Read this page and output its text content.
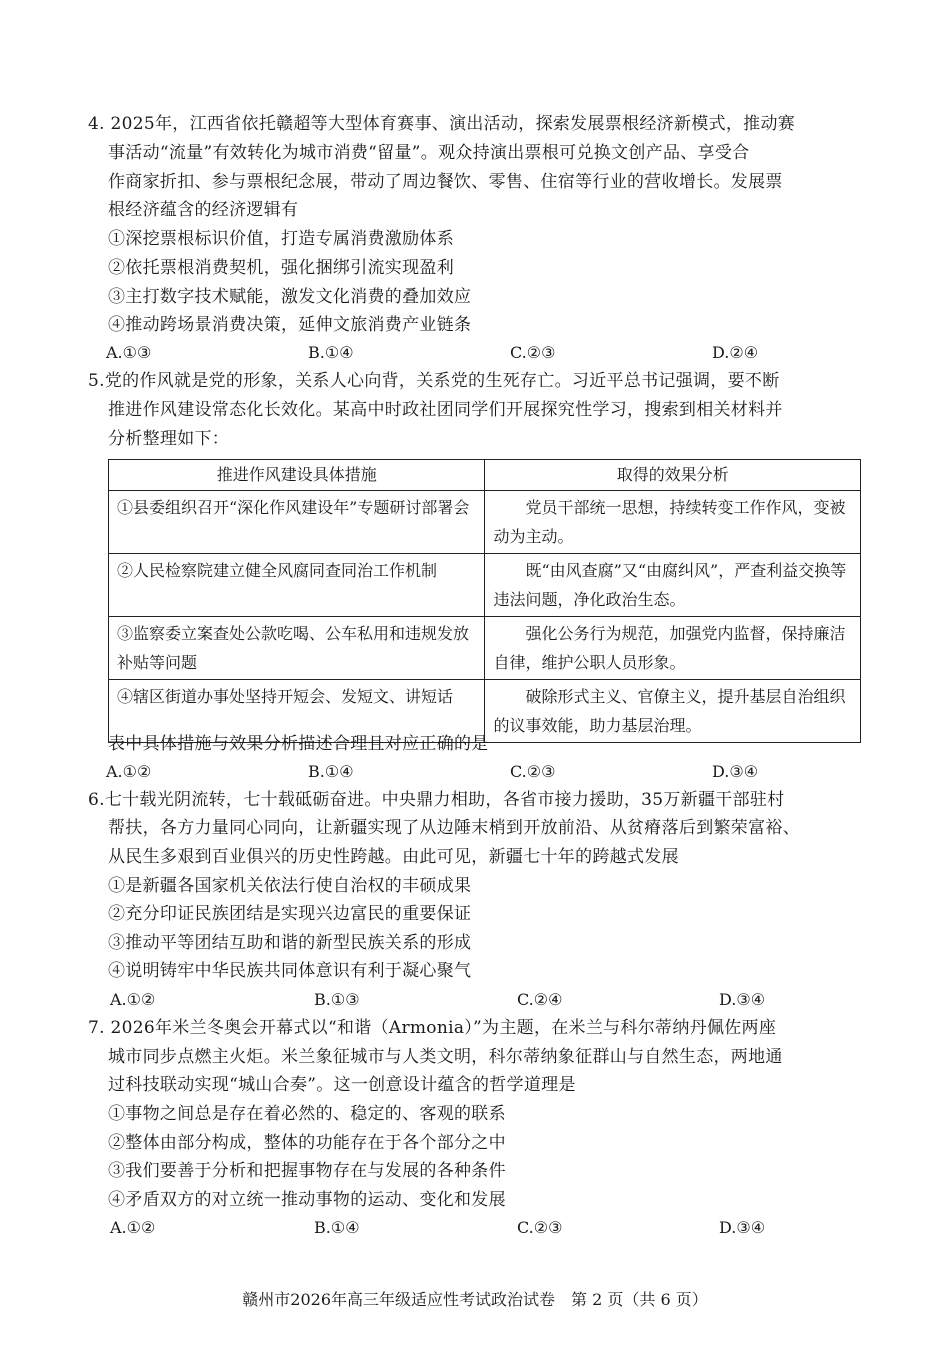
4. 2025年，江西省依托赣超等大型体育赛事、演出活动，探索发展票根经济新模式，推动赛
事活动“流量”有效转化为城市消费“留量”。观众持演出票根可兑换文创产品、享受合
作商家折扣、参与票根纪念展，带动了周边餐饮、零售、住宿等行业的营收增长。发展票
根经济蕴含的经济逻辑有
①深挖票根标识价值，打造专属消费激励体系
②依托票根消费契机，强化捆绑引流实现盈利
③主打数字技术赋能，激发文化消费的叠加效应
④推动跨场景消费决策，延伸文旅消费产业链条
A.①③	B.①④	C.②③	D.②④
5.党的作风就是党的形象，关系人心向背，关系党的生死存亡。习近平总书记强调，要不断
推进作风建设常态化长效化。某高中时政社团同学们开展探究性学习，搜索到相关材料并
分析整理如下：
推进作风建设具体措施	取得的效果分析
①县委组织召开“深化作风建设年”专题研讨部署会	党员干部统一思想，持续转变工作作风，变被动为主动。
②人民检察院建立健全风腐同查同治工作机制	既“由风查腐”又“由腐纠风”，严查利益交换等违法问题，净化政治生态。
③监察委立案查处公款吃喝、公车私用和违规发放补贴等问题	强化公务行为规范，加强党内监督，保持廉洁自律，维护公职人员形象。
④辖区街道办事处坚持开短会、发短文、讲短话	破除形式主义、官僚主义，提升基层自治组织的议事效能，助力基层治理。
表中具体措施与效果分析描述合理且对应正确的是
A.①②	B.①④	C.②③	D.③④
6.七十载光阴流转，七十载砥砺奋进。中央鼎力相助，各省市接力援助，35万新疆干部驻村
帮扶，各方力量同心同向，让新疆实现了从边陲末梢到开放前沿、从贫瘠落后到繁荣富裕、
从民生多艰到百业俱兴的历史性跨越。由此可见，新疆七十年的跨越式发展
①是新疆各国家机关依法行使自治权的丰硕成果
②充分印证民族团结是实现兴边富民的重要保证
③推动平等团结互助和谐的新型民族关系的形成
④说明铸牢中华民族共同体意识有利于凝心聚气
A.①②	B.①③	C.②④	D.③④
7. 2026年米兰冬奥会开幕式以“和谐（Armonia）”为主题，在米兰与科尔蒂纳丹佩佐两座
城市同步点燃主火炬。米兰象征城市与人类文明，科尔蒂纳象征群山与自然生态，两地通
过科技联动实现“城山合奏”。这一创意设计蕴含的哲学道理是
①事物之间总是存在着必然的、稳定的、客观的联系
②整体由部分构成，整体的功能存在于各个部分之中
③我们要善于分析和把握事物存在与发展的各种条件
④矛盾双方的对立统一推动事物的运动、变化和发展
A.①②	B.①④	C.②③	D.③④
赣州市2026年高三年级适应性考试政治试卷　第 2 页（共 6 页）
